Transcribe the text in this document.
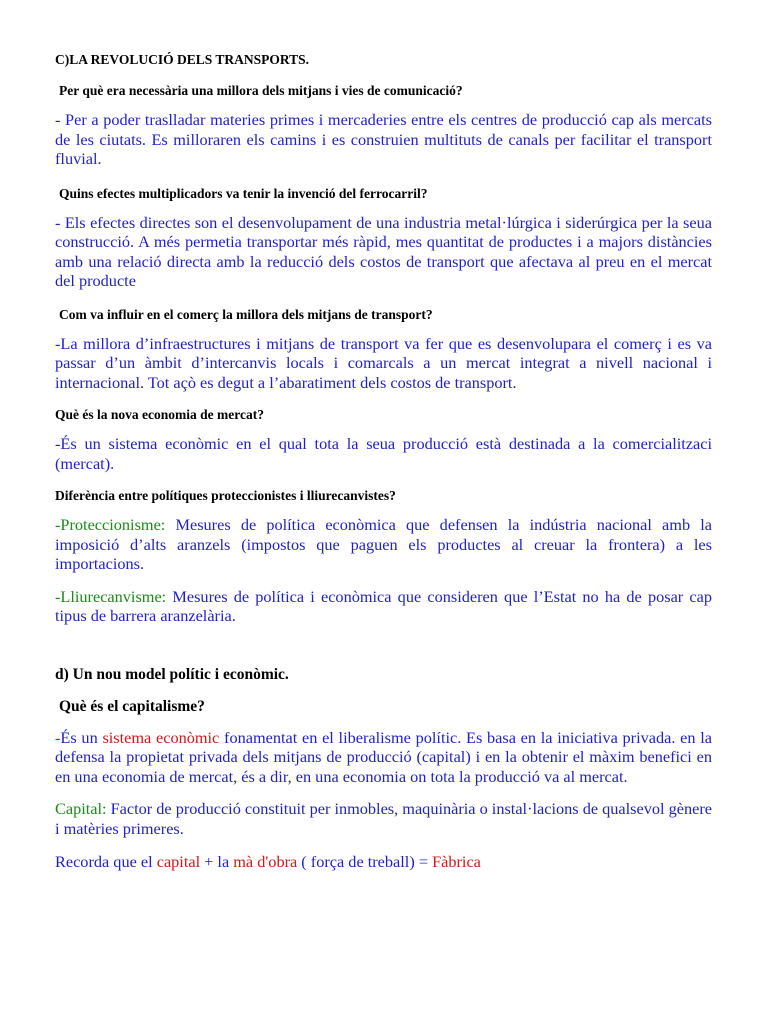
C)LA REVOLUCIÓ DELS TRANSPORTS.

Per què era necessària una millora dels mitjans i vies de comunicació?

- Per a poder traslladar materies primes i mercaderies entre els centres de producció cap als mercats de les ciutats. Es milloraren els camins i es construien multituts de canals per facilitar el transport fluvial.

Quins efectes multiplicadors va tenir la invenció del ferrocarril?

- Els efectes directes son el desenvolupament de una industria metal·lúrgica i siderúrgica per la seua construcció. A més permetia transportar més ràpid, mes quantitat de productes i a majors distàncies amb una relació directa amb la reducció dels costos de transport que afectava al preu en el mercat del producte

Com va influir en el comerç la millora dels mitjans de transport?

-La millora d’infraestructures i mitjans de transport va fer que es desenvolupara el comerç i es va passar d’un àmbit d’intercanvis locals i comarcals a un mercat integrat a nivell nacional i internacional. Tot açò es degut a l’abaratiment dels costos de transport.

Què és la nova economia de mercat?

-És un sistema econòmic en el qual tota la seua producció està destinada a la comercialitzaci (mercat).

Diferència entre polítiques proteccionistes i lliurecanvistes?

-Proteccionisme: Mesures de política econòmica que defensen la indústria nacional amb la imposició d’alts aranzels (impostos que paguen els productes al creuar la frontera) a les importacions.

-Lliurecanvisme: Mesures de política i econòmica que consideren que l’Estat no ha de posar cap tipus de barrera aranzelària.

d) Un nou model polític i econòmic.

Què és el capitalisme?

-És un sistema econòmic fonamentat en el liberalisme polític. Es basa en la iniciativa privada. en la defensa la propietat privada dels mitjans de producció (capital) i en la obtenir el màxim benefici en en una economia de mercat, és a dir, en una economia on tota la producció va al mercat.

Capital: Factor de producció constituit per inmobles, maquinària o instal·lacions de qualsevol gènere i matèries primeres.

Recorda que el capital + la mà d'obra ( força de treball) = Fàbrica
